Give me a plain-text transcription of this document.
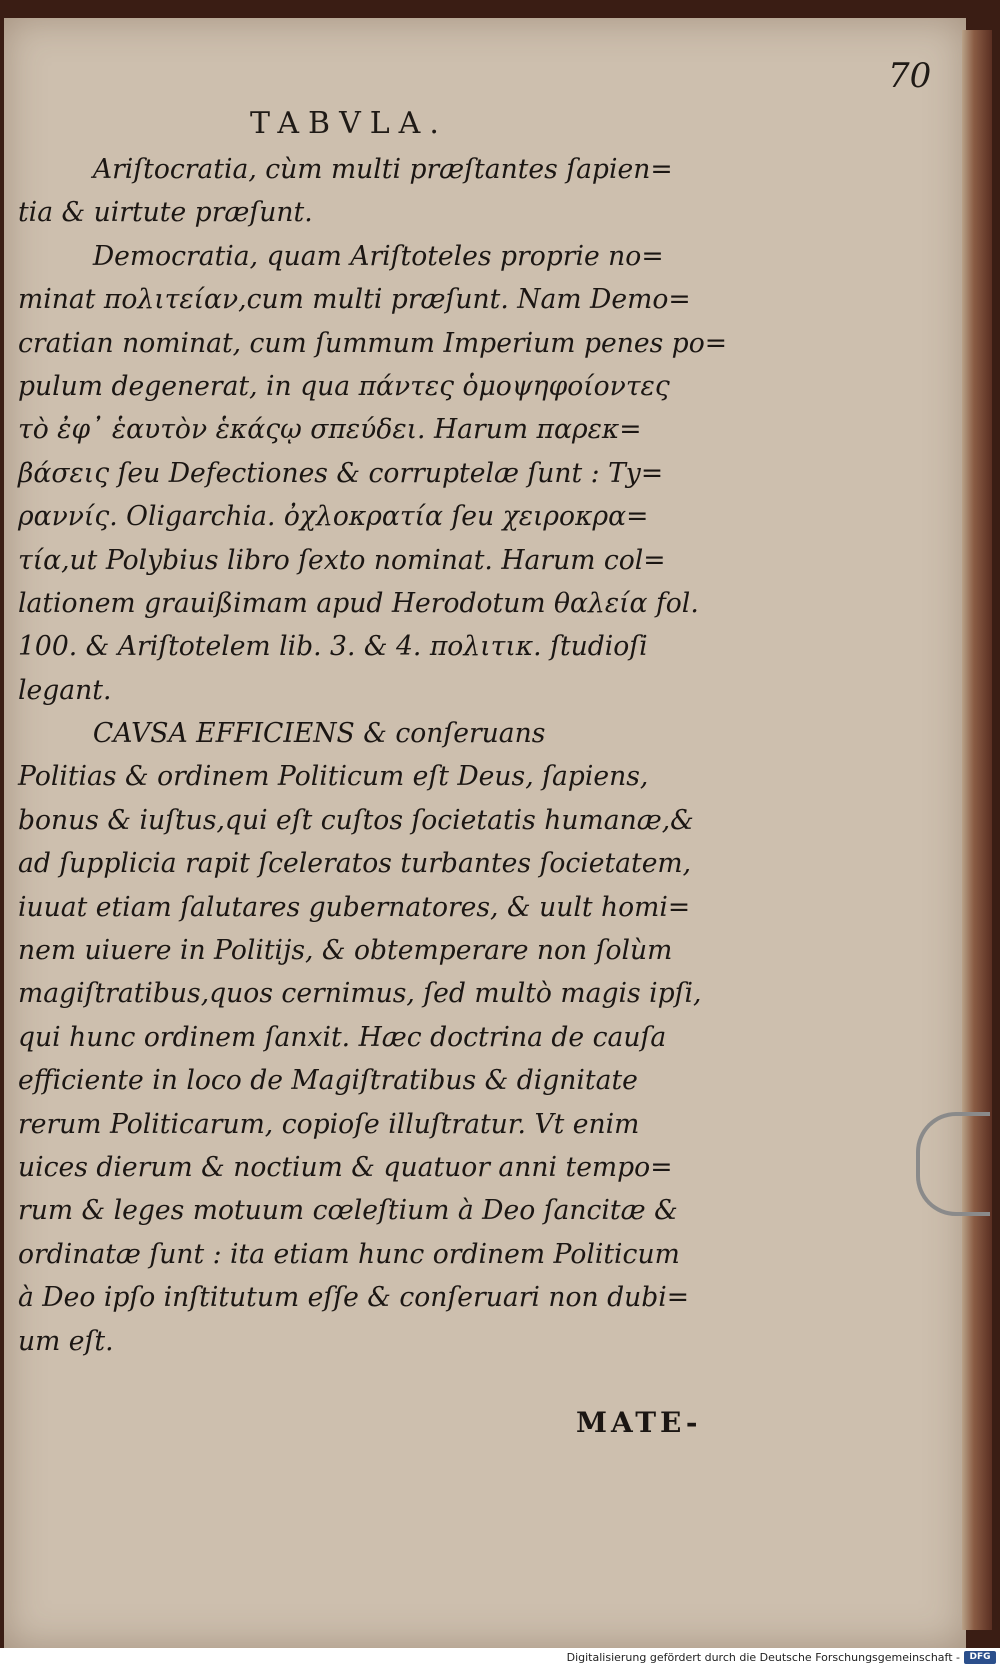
70
TABVLA.
Ariſtocratia, cùm multi præſtantes ſapien=
tia & uirtute præſunt.
Democratia, quam Ariſtoteles proprie no=
minat πολιτείαν,cum multi præſunt. Nam Demo=
cratian nominat, cum ſummum Imperium penes po=
pulum degenerat, in qua πάντες ὁμοψηφοίοντες
τὸ ἐφ᾽ ἑαυτὸν ἑκάςῳ σπεύδει. Harum παρεκ=
βάσεις ſeu Defectiones & corruptelæ ſunt : Ty=
ραννίς. Oligarchia. ὀχλοκρατία ſeu χειροκρα=
τία,ut Polybius libro ſexto nominat. Harum col=
lationem grauißimam apud Herodotum θαλεία fol.
100. & Ariſtotelem lib. 3. & 4. πολιτικ. ſtudioſi
legant.
CAVSA EFFICIENS & conſeruans
Politias & ordinem Politicum eſt Deus, ſapiens,
bonus & iuſtus,qui eſt cuſtos ſocietatis humanæ,&
ad ſupplicia rapit ſceleratos turbantes ſocietatem,
iuuat etiam ſalutares gubernatores, & uult homi=
nem uiuere in Politijs, & obtemperare non ſolùm
magiſtratibus,quos cernimus, ſed multò magis ipſi,
qui hunc ordinem ſanxit. Hæc doctrina de cauſa
efficiente in loco de Magiſtratibus & dignitate
rerum Politicarum, copioſe illuſtratur. Vt enim
uices dierum & noctium & quatuor anni tempo=
rum & leges motuum cœleſtium à Deo ſancitæ &
ordinatæ ſunt : ita etiam hunc ordinem Politicum
à Deo ipſo inſtitutum eſſe & conſeruari non dubi=
um eſt.
MATE-
Digitalisierung gefördert durch die Deutsche Forschungsgemeinschaft -	DFG
